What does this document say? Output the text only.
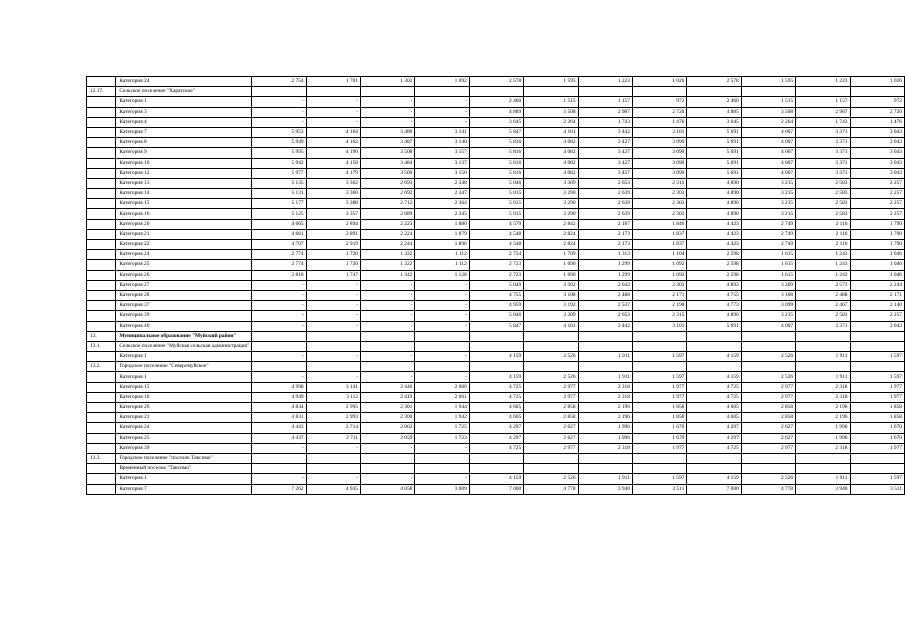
	Категория 24	2 754	1 701	1 302	1 092	2 578	1 595	1 223	1 026	2 578	1 595	1 223	1 026
12.17.	Сельское поселение "Харатское"												
	Категория 1	-	-	-	-	2 460	1 515	1 157	972	2 460	1 515	1 157	972
	Категория 3	-	-	-	-	4 889	3 508	2 987	2 720	4 885	3 508	2 987	2 720
	Категория 4	-	-	-	-	3 645	2 264	1 743	1 476	3 645	2 264	1 743	1 476
	Категория 7	5 953	4 164	3 489	3 141	5 847	4 101	3 442	3 101	5 691	4 007	3 371	3 043
	Категория 8	5 949	4 162	3 487	3 140	5 816	4 082	3 427	3 090	5 691	4 007	3 371	3 043
	Категория 9	5 995	4 190	3 508	3 157	5 816	4 082	3 427	3 090	5 691	4 007	3 371	3 043
	Категория 10	5 942	4 158	3 484	3 137	5 816	4 082	3 427	3 090	5 691	4 007	3 371	3 043
	Категория 12	5 977	4 179	3 500	3 150	5 816	4 082	3 427	3 090	5 691	4 007	3 371	3 043
	Категория 13	5 135	3 362	2 693	2 348	5 046	3 309	2 653	2 315	4 890	3 215	2 583	2 257
	Категория 14	5 131	3 360	2 692	2 347	5 015	3 290	2 639	2 303	4 890	3 215	2 583	2 257
	Категория 15	5 177	3 388	2 712	2 364	5 015	3 290	2 639	2 303	4 890	3 215	2 583	2 257
	Категория 16	5 125	3 357	2 689	2 345	5 015	3 290	2 639	2 303	4 890	3 215	2 583	2 257
	Категория 20	4 665	2 894	2 223	1 880	4 579	2 842	2 187	1 846	4 423	2 749	2 116	1 790
	Категория 21	4 661	2 891	2 224	1 879	4 548	2 824	2 173	1 837	4 423	2 749	2 116	1 790
	Категория 22	4 707	2 919	2 244	1 896	4 548	2 824	2 173	1 837	4 423	2 749	2 116	1 790
	Категория 24	2 774	1 720	1 322	1 112	2 754	1 709	1 313	1 104	2 598	1 615	1 243	1 046
	Категория 25	2 774	1 720	1 322	1 112	2 723	1 690	1 299	1 092	2 598	1 615	1 243	1 046
	Категория 26	2 818	1 747	1 342	1 128	2 723	1 690	1 299	1 092	2 598	1 615	1 243	1 046
	Категория 27	-	-	-	-	5 049	3 302	2 643	2 303	4 893	3 209	2 573	2 244
	Категория 28	-	-	-	-	4 755	3 108	2 488	2 171	4 755	3 108	2 488	2 171
	Категория 37	-	-	-	-	4 959	3 192	2 537	2 198	4 773	3 099	2 467	2 140
	Категория 39	-	-	-	-	5 046	3 309	2 653	2 315	4 890	3 215	2 583	2 257
	Категория 40	-	-	-	-	5 847	4 101	3 442	3 101	5 691	4 007	3 371	3 043
13.	Муниципальное образование "Муйский район"												
13.1.	Сельское поселение "Муйская сельская администрация"												
	Категория 1	-	-	-	-	4 159	2 526	1 911	1 597	4 159	2 526	1 911	1 597
13.2.	Городское поселение "Северомуйское"												
	Категория 1	-	-	-	-	4 159	2 526	1 911	1 597	4 159	2 526	1 911	1 597
	Категория 15	4 998	3 141	2 440	2 080	4 725	2 977	2 318	1 977	4 725	2 977	2 318	1 977
	Категория 16	4 949	3 112	2 419	2 061	4 725	2 977	2 318	1 977	4 725	2 977	2 318	1 977
	Категория 20	4 834	2 995	2 301	1 944	4 605	2 858	2 196	1 858	4 605	2 858	2 196	1 858
	Категория 21	4 831	2 993	2 300	1 942	4 605	2 858	2 196	1 858	4 605	2 858	2 196	1 858
	Категория 24	4 443	2 714	2 062	1 725	4 297	2 627	1 996	1 670	4 297	2 627	1 996	1 670
	Категория 25	4 437	2 711	2 059	1 723	4 297	2 627	1 996	1 670	4 297	2 627	1 996	1 670
	Категория 39	-	-	-	-	4 725	2 977	2 318	1 977	4 725	2 977	2 318	1 977
13.3.	Городское поселение "поселок Таксимо"												
	Временный поселок "Таксимо"												
	Категория 1	-	-	-	-	4 159	2 526	1 911	1 597	4 159	2 526	1 911	1 597
	Категория 7	7 262	4 935	4 058	3 609	7 000	4 778	3 940	3 511	7 000	4 778	3 940	3 511
